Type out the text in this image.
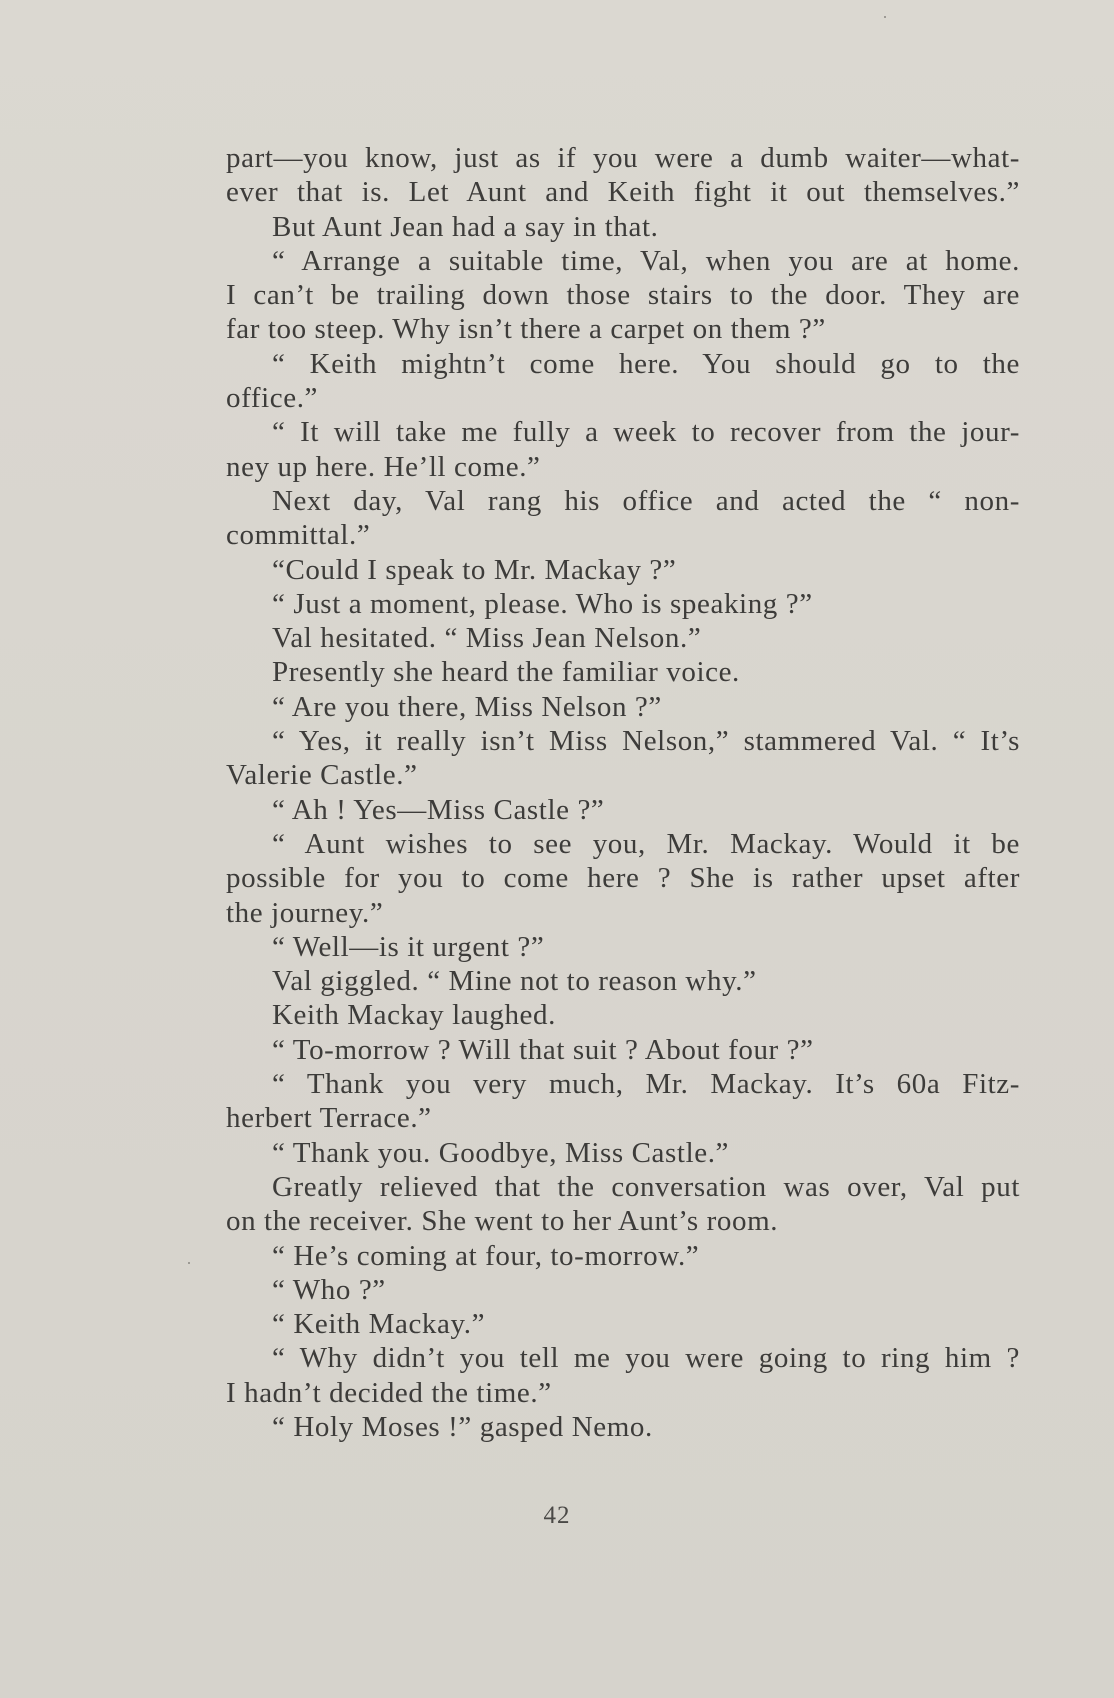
part—you know, just as if you were a dumb waiter—what-
ever that is. Let Aunt and Keith fight it out themselves.”
But Aunt Jean had a say in that.
“ Arrange a suitable time, Val, when you are at home.
I can’t be trailing down those stairs to the door. They are
far too steep. Why isn’t there a carpet on them ?”
“ Keith mightn’t come here. You should go to the
office.”
“ It will take me fully a week to recover from the jour-
ney up here. He’ll come.”
Next day, Val rang his office and acted the “ non-
committal.”
“Could I speak to Mr. Mackay ?”
“ Just a moment, please. Who is speaking ?”
Val hesitated. “ Miss Jean Nelson.”
Presently she heard the familiar voice.
“ Are you there, Miss Nelson ?”
“ Yes, it really isn’t Miss Nelson,” stammered Val. “ It’s
Valerie Castle.”
“ Ah ! Yes—Miss Castle ?”
“ Aunt wishes to see you, Mr. Mackay. Would it be
possible for you to come here ? She is rather upset after
the journey.”
“ Well—is it urgent ?”
Val giggled. “ Mine not to reason why.”
Keith Mackay laughed.
“ To-morrow ? Will that suit ? About four ?”
“ Thank you very much, Mr. Mackay. It’s 60a Fitz-
herbert Terrace.”
“ Thank you. Goodbye, Miss Castle.”
Greatly relieved that the conversation was over, Val put
on the receiver. She went to her Aunt’s room.
“ He’s coming at four, to-morrow.”
“ Who ?”
“ Keith Mackay.”
“ Why didn’t you tell me you were going to ring him ?
I hadn’t decided the time.”
“ Holy Moses !” gasped Nemo.
42
